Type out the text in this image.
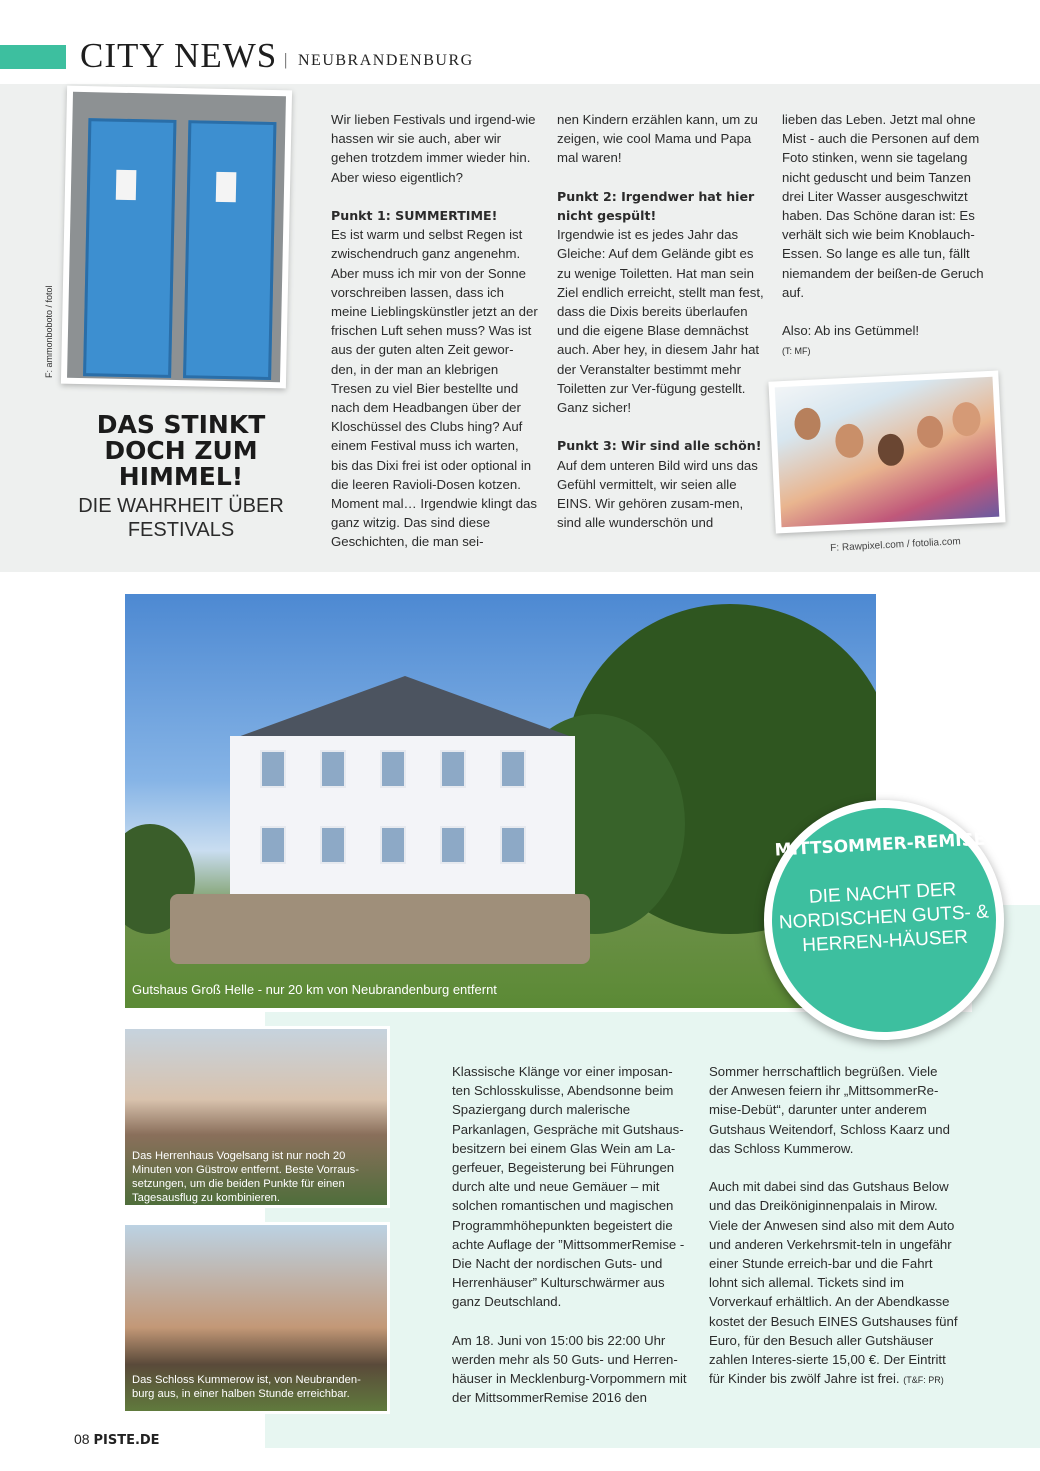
CITY NEWS | NEUBRANDENBURG
F: ammonboboto / fotol
DAS STINKT DOCH ZUM HIMMEL!
DIE WAHRHEIT ÜBER FESTIVALS

Wir lieben Festivals und irgend-wie hassen wir sie auch, aber wir gehen trotzdem immer wieder hin. Aber wieso eigentlich?

Punkt 1: SUMMERTIME!
Es ist warm und selbst Regen ist zwischendruch ganz angenehm. Aber muss ich mir von der Sonne vorschreiben lassen, dass ich meine Lieblingskünstler jetzt an der frischen Luft sehen muss? Was ist aus der guten alten Zeit gewor-den, in der man an klebrigen Tresen zu viel Bier bestellte und nach dem Headbangen über der Kloschüssel des Clubs hing? Auf einem Festival muss ich warten, bis das Dixi frei ist oder optional in die leeren Ravioli-Dosen kotzen. Moment mal… Irgendwie klingt das ganz witzig. Das sind diese Geschichten, die man sei-

nen Kindern erzählen kann, um zu zeigen, wie cool Mama und Papa mal waren!

Punkt 2: Irgendwer hat hier nicht gespült!
Irgendwie ist es jedes Jahr das Gleiche: Auf dem Gelände gibt es zu wenige Toiletten. Hat man sein Ziel endlich erreicht, stellt man fest, dass die Dixis bereits überlaufen und die eigene Blase demnächst auch. Aber hey, in diesem Jahr hat der Veranstalter bestimmt mehr Toiletten zur Ver-fügung gestellt. Ganz sicher!

Punkt 3: Wir sind alle schön!
Auf dem unteren Bild wird uns das Gefühl vermittelt, wir seien alle EINS. Wir gehören zusam-men, sind alle wunderschön und

lieben das Leben. Jetzt mal ohne Mist - auch die Personen auf dem Foto stinken, wenn sie tagelang nicht geduscht und beim Tanzen drei Liter Wasser ausgeschwitzt haben. Das Schöne daran ist: Es verhält sich wie beim Knoblauch-Essen. So lange es alle tun, fällt niemandem der beißen-de Geruch auf.

Also: Ab ins Getümmel!
(T: MF)

F: Rawpixel.com / fotolia.com
Gutshaus Groß Helle - nur 20 km von Neubrandenburg entfernt
MITTSOMMER-REMISE
DIE NACHT DER NORDISCHEN GUTS- & HERREN-HÄUSER
Das Herrenhaus Vogelsang ist nur noch 20 Minuten von Güstrow entfernt. Beste Vorraus-setzungen, um die beiden Punkte für einen Tagesausflug zu kombinieren.
Das Schloss Kummerow ist, von Neubranden-burg aus, in einer halben Stunde erreichbar.

Klassische Klänge vor einer imposan-ten Schlosskulisse, Abendsonne beim Spaziergang durch malerische Parkanlagen, Gespräche mit Gutshaus-besitzern bei einem Glas Wein am La-gerfeuer, Begeisterung bei Führungen durch alte und neue Gemäuer – mit solchen romantischen und magischen Programmhöhepunkten begeistert die achte Auflage der ”MittsommerRemise - Die Nacht der nordischen Guts- und Herrenhäuser” Kulturschwärmer aus ganz Deutschland.

Am 18. Juni von 15:00 bis 22:00 Uhr werden mehr als 50 Guts- und Herren-häuser in Mecklenburg-Vorpommern mit der MittsommerRemise 2016 den

Sommer herrschaftlich begrüßen. Viele der Anwesen feiern ihr „MittsommerRe-mise-Debüt“, darunter unter anderem Gutshaus Weitendorf, Schloss Kaarz und das Schloss Kummerow.

Auch mit dabei sind das Gutshaus Below und das Dreiköniginnenpalais in Mirow. Viele der Anwesen sind also mit dem Auto und anderen Verkehrsmit-teln in ungefähr einer Stunde erreich-bar und die Fahrt lohnt sich allemal. Tickets sind im Vorverkauf erhältlich. An der Abendkasse kostet der Besuch EINES Gutshauses fünf Euro, für den Besuch aller Gutshäuser zahlen Interes-sierte 15,00 €. Der Eintritt für Kinder bis zwölf Jahre ist frei. (T&F: PR)

08 PISTE.DE
